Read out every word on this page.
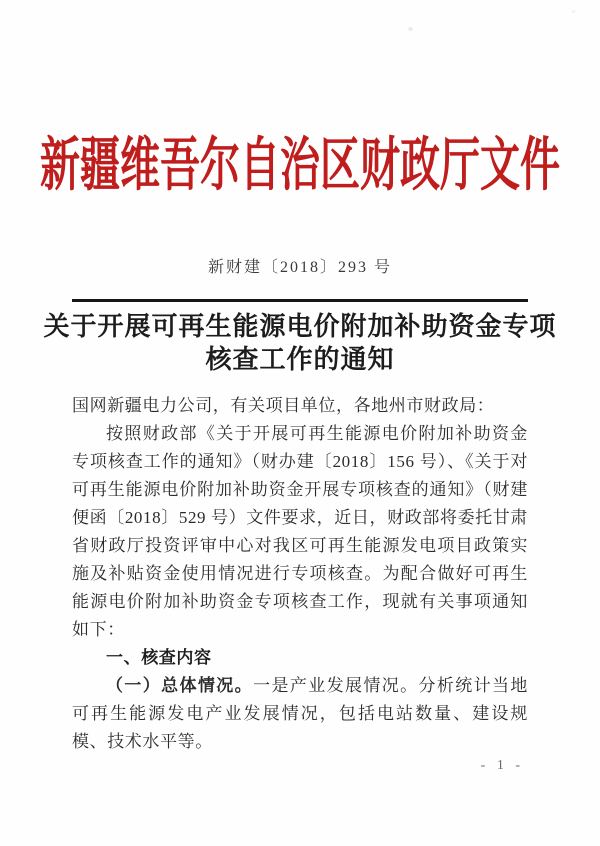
新疆维吾尔自治区财政厅文件
新财建〔2018〕293 号
关于开展可再生能源电价附加补助资金专项
核查工作的通知

国网新疆电力公司，有关项目单位，各地州市财政局：

按照财政部《关于开展可再生能源电价附加补助资金专项核查工作的通知》（财办建〔2018〕156 号）、《关于对可再生能源电价附加补助资金开展专项核查的通知》（财建便函〔2018〕529 号）文件要求，近日，财政部将委托甘肃省财政厅投资评审中心对我区可再生能源发电项目政策实施及补贴资金使用情况进行专项核查。为配合做好可再生能源电价附加补助资金专项核查工作，现就有关事项通知如下：

一、核查内容

（一）总体情况。一是产业发展情况。分析统计当地可再生能源发电产业发展情况，包括电站数量、建设规模、技术水平等。

- 1 -
